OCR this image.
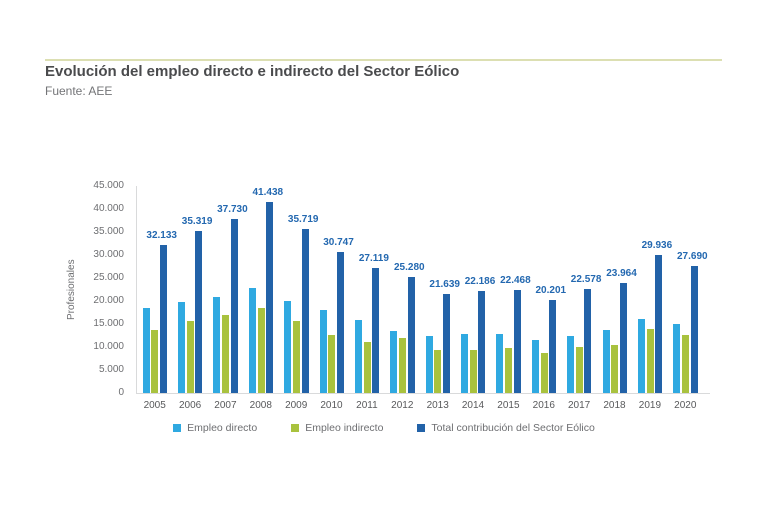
Evolución del empleo directo e indirecto del Sector Eólico
Fuente: AEE
Profesionales
0
5.000
10.000
15.000
20.000
25.000
30.000
35.000
40.000
45.000
32.133
2005
35.319
2006
37.730
2007
41.438
2008
35.719
2009
30.747
2010
27.119
2011
25.280
2012
21.639
2013
22.186
2014
22.468
2015
20.201
2016
22.578
2017
23.964
2018
29.936
2019
27.690
2020
Empleo directo	Empleo indirecto	Total contribución del Sector Eólico
